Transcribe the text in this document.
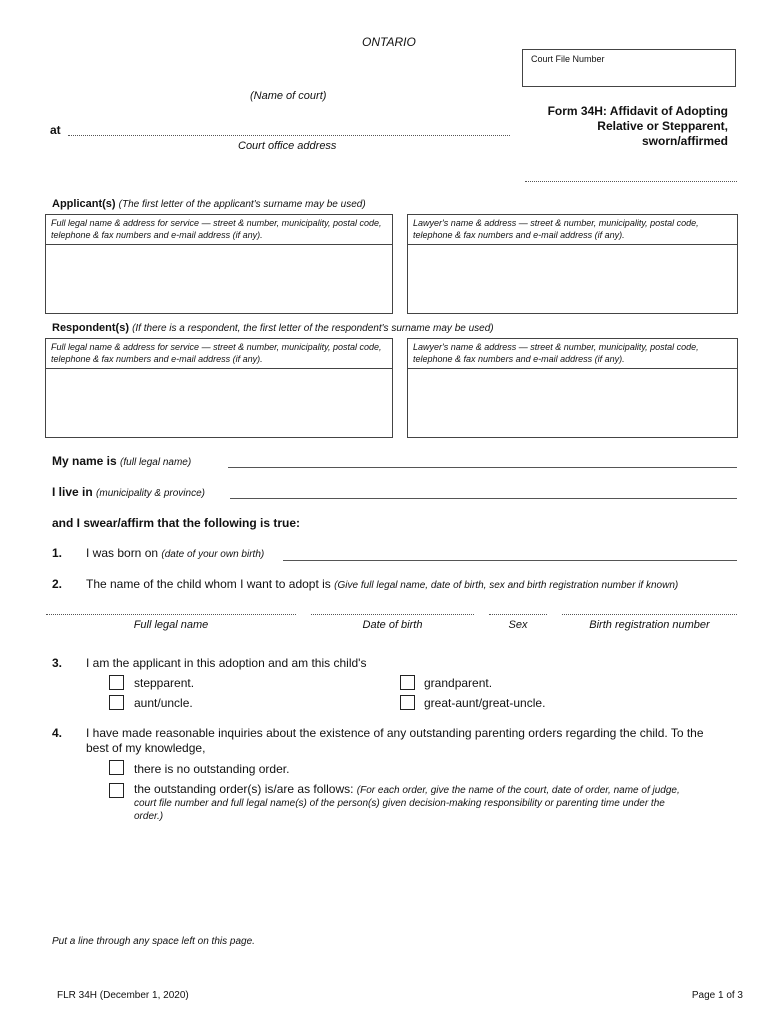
ONTARIO
Court File Number
(Name of court)
at
Court office address
Form 34H: Affidavit of Adopting
Relative or Stepparent,
sworn/affirmed
Applicant(s) (The first letter of the applicant's surname may be used)
Full legal name & address for service — street & number, municipality, postal code, telephone & fax numbers and e-mail address (if any).
Lawyer's name & address — street & number, municipality, postal code, telephone & fax numbers and e-mail address (if any).
Respondent(s) (If there is a respondent, the first letter of the respondent's surname may be used)
Full legal name & address for service — street & number, municipality, postal code, telephone & fax numbers and e-mail address (if any).
Lawyer's name & address — street & number, municipality, postal code, telephone & fax numbers and e-mail address (if any).
My name is (full legal name)
I live in (municipality & province)
and I swear/affirm that the following is true:
1. I was born on (date of your own birth)
2. The name of the child whom I want to adopt is (Give full legal name, date of birth, sex and birth registration number if known)
Full legal name	Date of birth	Sex	Birth registration number
3. I am the applicant in this adoption and am this child's
stepparent.	grandparent.
aunt/uncle.	great-aunt/great-uncle.
4. I have made reasonable inquiries about the existence of any outstanding parenting orders regarding the child. To the
best of my knowledge,
there is no outstanding order.
the outstanding order(s) is/are as follows: (For each order, give the name of the court, date of order, name of judge,
court file number and full legal name(s) of the person(s) given decision-making responsibility or parenting time under the
order.)
Put a line through any space left on this page.
FLR 34H (December 1, 2020)	Page 1 of 3
